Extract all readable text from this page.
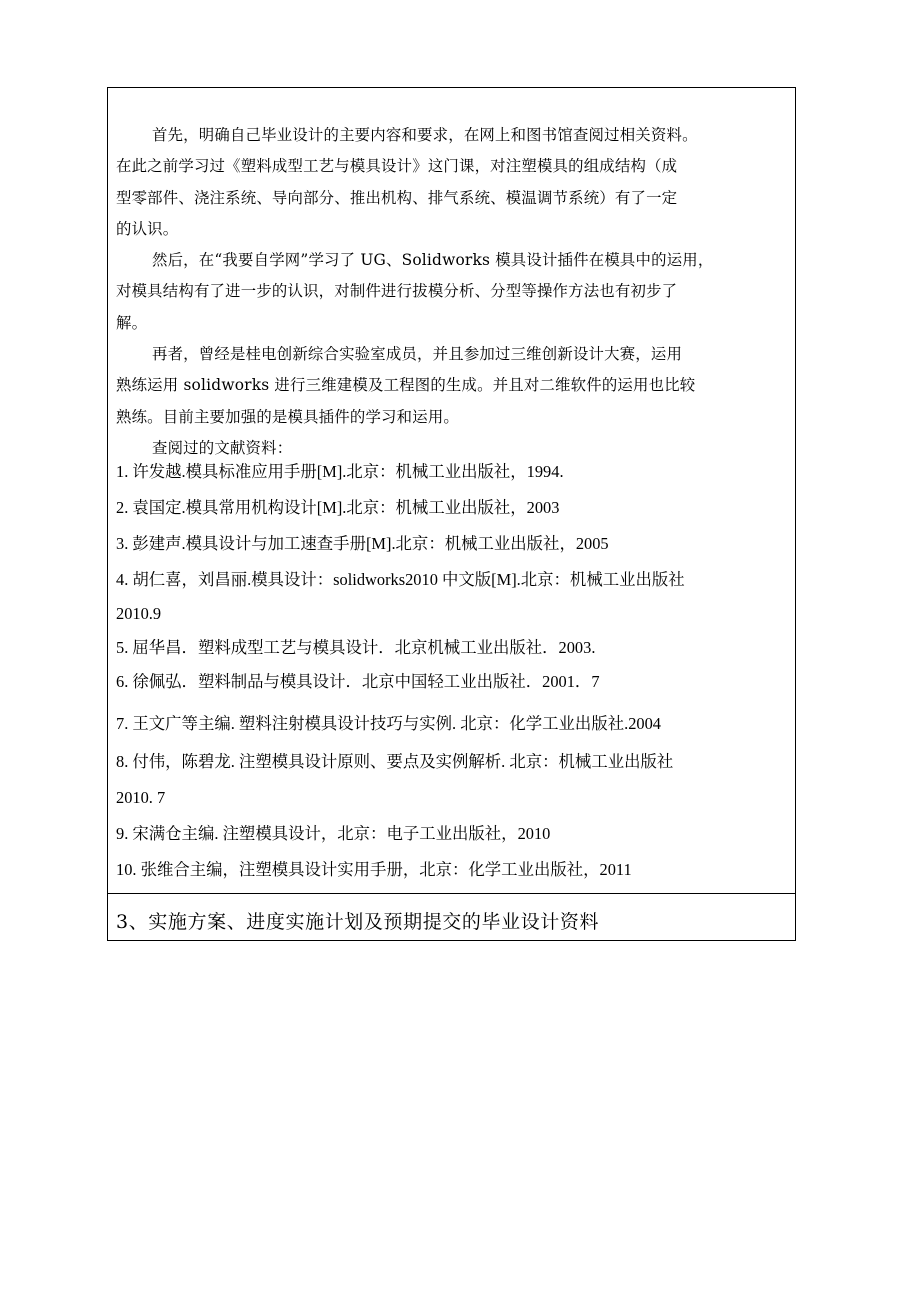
首先，明确自己毕业设计的主要内容和要求，在网上和图书馆查阅过相关资料。
在此之前学习过《塑料成型工艺与模具设计》这门课，对注塑模具的组成结构（成
型零部件、浇注系统、导向部分、推出机构、排气系统、模温调节系统）有了一定
的认识。
然后，在“我要自学网”学习了 UG、Solidworks 模具设计插件在模具中的运用，
对模具结构有了进一步的认识，对制件进行拔模分析、分型等操作方法也有初步了
解。
再者，曾经是桂电创新综合实验室成员，并且参加过三维创新设计大赛，运用
熟练运用 solidworks 进行三维建模及工程图的生成。并且对二维软件的运用也比较
熟练。目前主要加强的是模具插件的学习和运用。
查阅过的文献资料：
1. 许发越.模具标准应用手册[M].北京：机械工业出版社，1994.
2. 袁国定.模具常用机构设计[M].北京：机械工业出版社，2003
3. 彭建声.模具设计与加工速查手册[M].北京：机械工业出版社，2005
4. 胡仁喜，刘昌丽.模具设计：solidworks2010 中文版[M].北京：机械工业出版社
2010.9
5. 屈华昌．塑料成型工艺与模具设计．北京机械工业出版社．2003.
6. 徐佩弘．塑料制品与模具设计．北京中国轻工业出版社．2001．7
7. 王文广等主编. 塑料注射模具设计技巧与实例. 北京：化学工业出版社.2004
8. 付伟，陈碧龙. 注塑模具设计原则、要点及实例解析. 北京：机械工业出版社
2010. 7
9. 宋满仓主编. 注塑模具设计，北京：电子工业出版社，2010
10. 张维合主编，注塑模具设计实用手册，北京：化学工业出版社，2011
3、实施方案、进度实施计划及预期提交的毕业设计资料
